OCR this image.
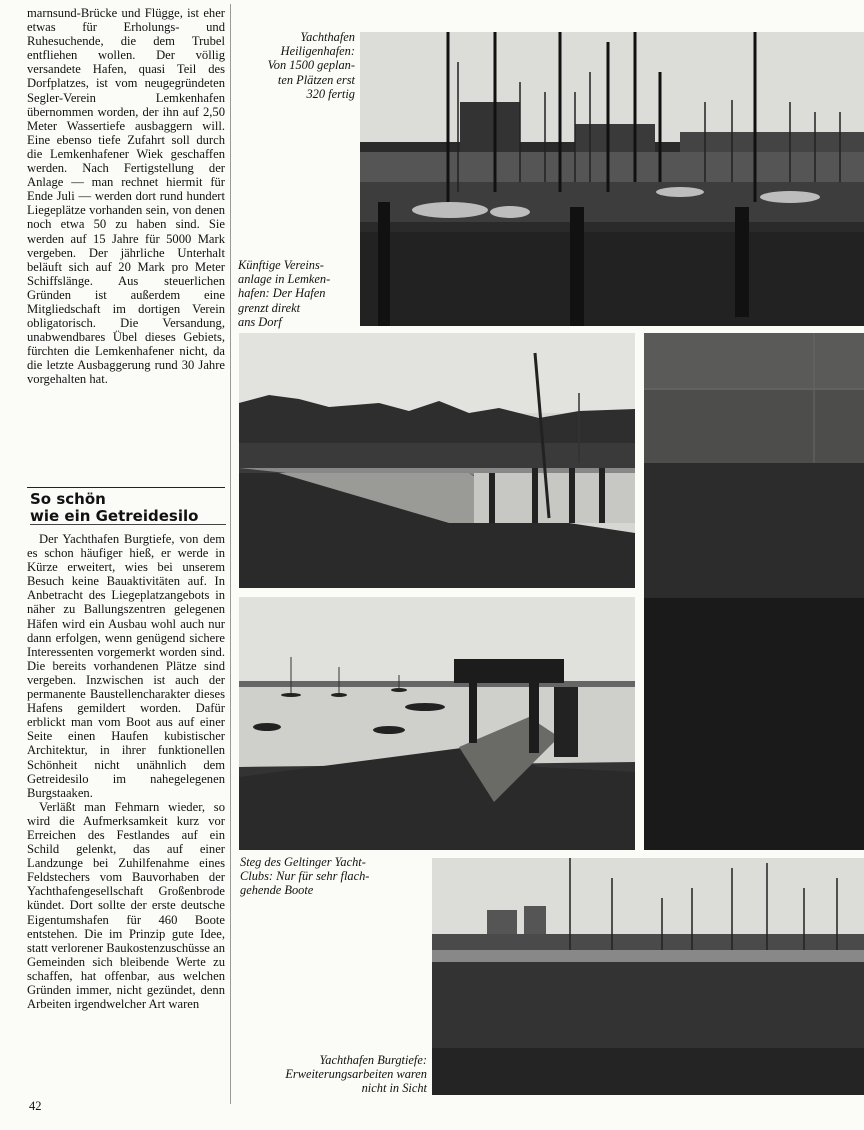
marnsund-Brücke und Flügge, ist eher etwas für Erholungs- und Ruhesuchende, die dem Trubel entfliehen wollen. Der völlig versandete Hafen, quasi Teil des Dorfplatzes, ist vom neugegründeten Segler-Verein Lemkenhafen übernommen worden, der ihn auf 2,50 Meter Wassertiefe ausbaggern will. Eine ebenso tiefe Zufahrt soll durch die Lemkenhafener Wiek geschaffen werden. Nach Fertigstellung der Anlage — man rechnet hiermit für Ende Juli — werden dort rund hundert Liegeplätze vorhanden sein, von denen noch etwa 50 zu haben sind. Sie werden auf 15 Jahre für 5000 Mark vergeben. Der jährliche Unterhalt beläuft sich auf 20 Mark pro Meter Schiffslänge. Aus steuerlichen Gründen ist außerdem eine Mitgliedschaft im dortigen Verein obligatorisch. Die Versandung, unabwendbares Übel dieses Gebiets, fürchten die Lemkenhafener nicht, da die letzte Ausbaggerung rund 30 Jahre vorgehalten hat.

So schön
wie ein Getreidesilo

Der Yachthafen Burgtiefe, von dem es schon häufiger hieß, er werde in Kürze erweitert, wies bei unserem Besuch keine Bauaktivitäten auf. In Anbetracht des Liegeplatzangebots in näher zu Ballungszentren gelegenen Häfen wird ein Ausbau wohl auch nur dann erfolgen, wenn genügend sichere Interessenten vorgemerkt worden sind. Die bereits vorhandenen Plätze sind vergeben. Inzwischen ist auch der permanente Baustellencharakter dieses Hafens gemildert worden. Dafür erblickt man vom Boot aus auf einer Seite einen Haufen kubistischer Architektur, in ihrer funktionellen Schönheit nicht unähnlich dem Getreidesilo im nahegelegenen Burgstaaken.
Verläßt man Fehmarn wieder, so wird die Aufmerksamkeit kurz vor Erreichen des Festlandes auf ein Schild gelenkt, das auf einer Landzunge bei Zuhilfenahme eines Feldstechers vom Bauvorhaben der Yachthafengesellschaft Großenbrode kündet. Dort sollte der erste deutsche Eigentumshafen für 460 Boote entstehen. Die im Prinzip gute Idee, statt verlorener Baukostenzuschüsse an Gemeinden sich bleibende Werte zu schaffen, hat offenbar, aus welchen Gründen immer, nicht gezündet, denn Arbeiten irgendwelcher Art waren

Yachthafen
Heiligenhafen:
Von 1500 geplan-
ten Plätzen erst
320 fertig

Künftige Vereins-
anlage in Lemken-
hafen: Der Hafen
grenzt direkt
ans Dorf

Steg des Geltinger Yacht-
Clubs: Nur für sehr flach-
gehende Boote

Yachthafen Burgtiefe:
Erweiterungsarbeiten waren
nicht in Sicht

42
